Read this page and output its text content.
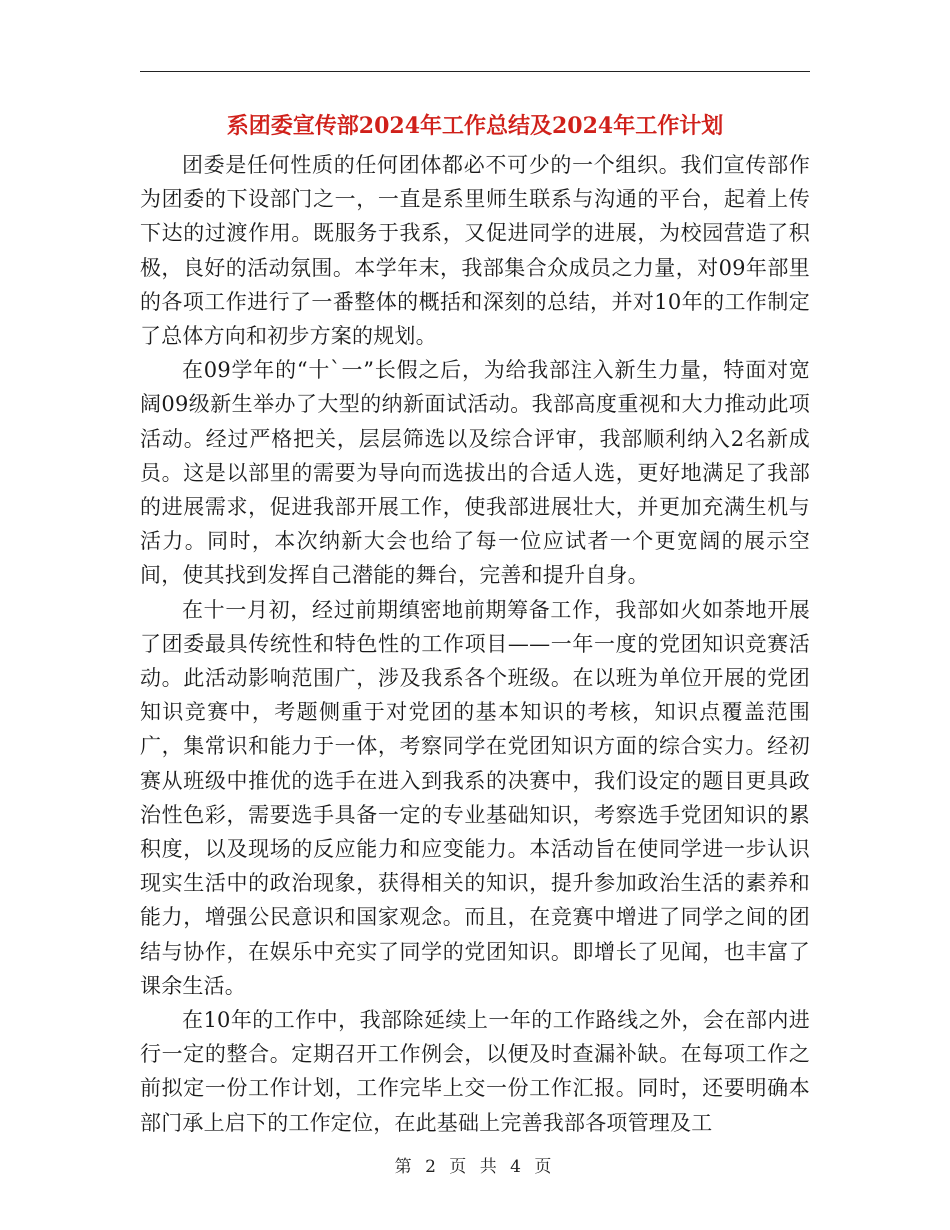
系团委宣传部2024年工作总结及2024年工作计划

团委是任何性质的任何团体都必不可少的一个组织。我们宣传部作为团委的下设部门之一，一直是系里师生联系与沟通的平台，起着上传下达的过渡作用。既服务于我系，又促进同学的进展，为校园营造了积极，良好的活动氛围。本学年末，我部集合众成员之力量，对09年部里的各项工作进行了一番整体的概括和深刻的总结，并对10年的工作制定了总体方向和初步方案的规划。

在09学年的“十`一”长假之后，为给我部注入新生力量，特面对宽阔09级新生举办了大型的纳新面试活动。我部高度重视和大力推动此项活动。经过严格把关，层层筛选以及综合评审，我部顺利纳入2名新成员。这是以部里的需要为导向而选拔出的合适人选，更好地满足了我部的进展需求，促进我部开展工作，使我部进展壮大，并更加充满生机与活力。同时，本次纳新大会也给了每一位应试者一个更宽阔的展示空间，使其找到发挥自己潜能的舞台，完善和提升自身。

在十一月初，经过前期缜密地前期筹备工作，我部如火如荼地开展了团委最具传统性和特色性的工作项目——一年一度的党团知识竞赛活动。此活动影响范围广，涉及我系各个班级。在以班为单位开展的党团知识竞赛中，考题侧重于对党团的基本知识的考核，知识点覆盖范围广，集常识和能力于一体，考察同学在党团知识方面的综合实力。经初赛从班级中推优的选手在进入到我系的决赛中，我们设定的题目更具政治性色彩，需要选手具备一定的专业基础知识，考察选手党团知识的累积度，以及现场的反应能力和应变能力。本活动旨在使同学进一步认识现实生活中的政治现象，获得相关的知识，提升参加政治生活的素养和能力，增强公民意识和国家观念。而且，在竞赛中增进了同学之间的团结与协作，在娱乐中充实了同学的党团知识。即增长了见闻，也丰富了课余生活。

在10年的工作中，我部除延续上一年的工作路线之外，会在部内进行一定的整合。定期召开工作例会，以便及时查漏补缺。在每项工作之前拟定一份工作计划，工作完毕上交一份工作汇报。同时，还要明确本部门承上启下的工作定位，在此基础上完善我部各项管理及工

第 2 页 共 4 页
